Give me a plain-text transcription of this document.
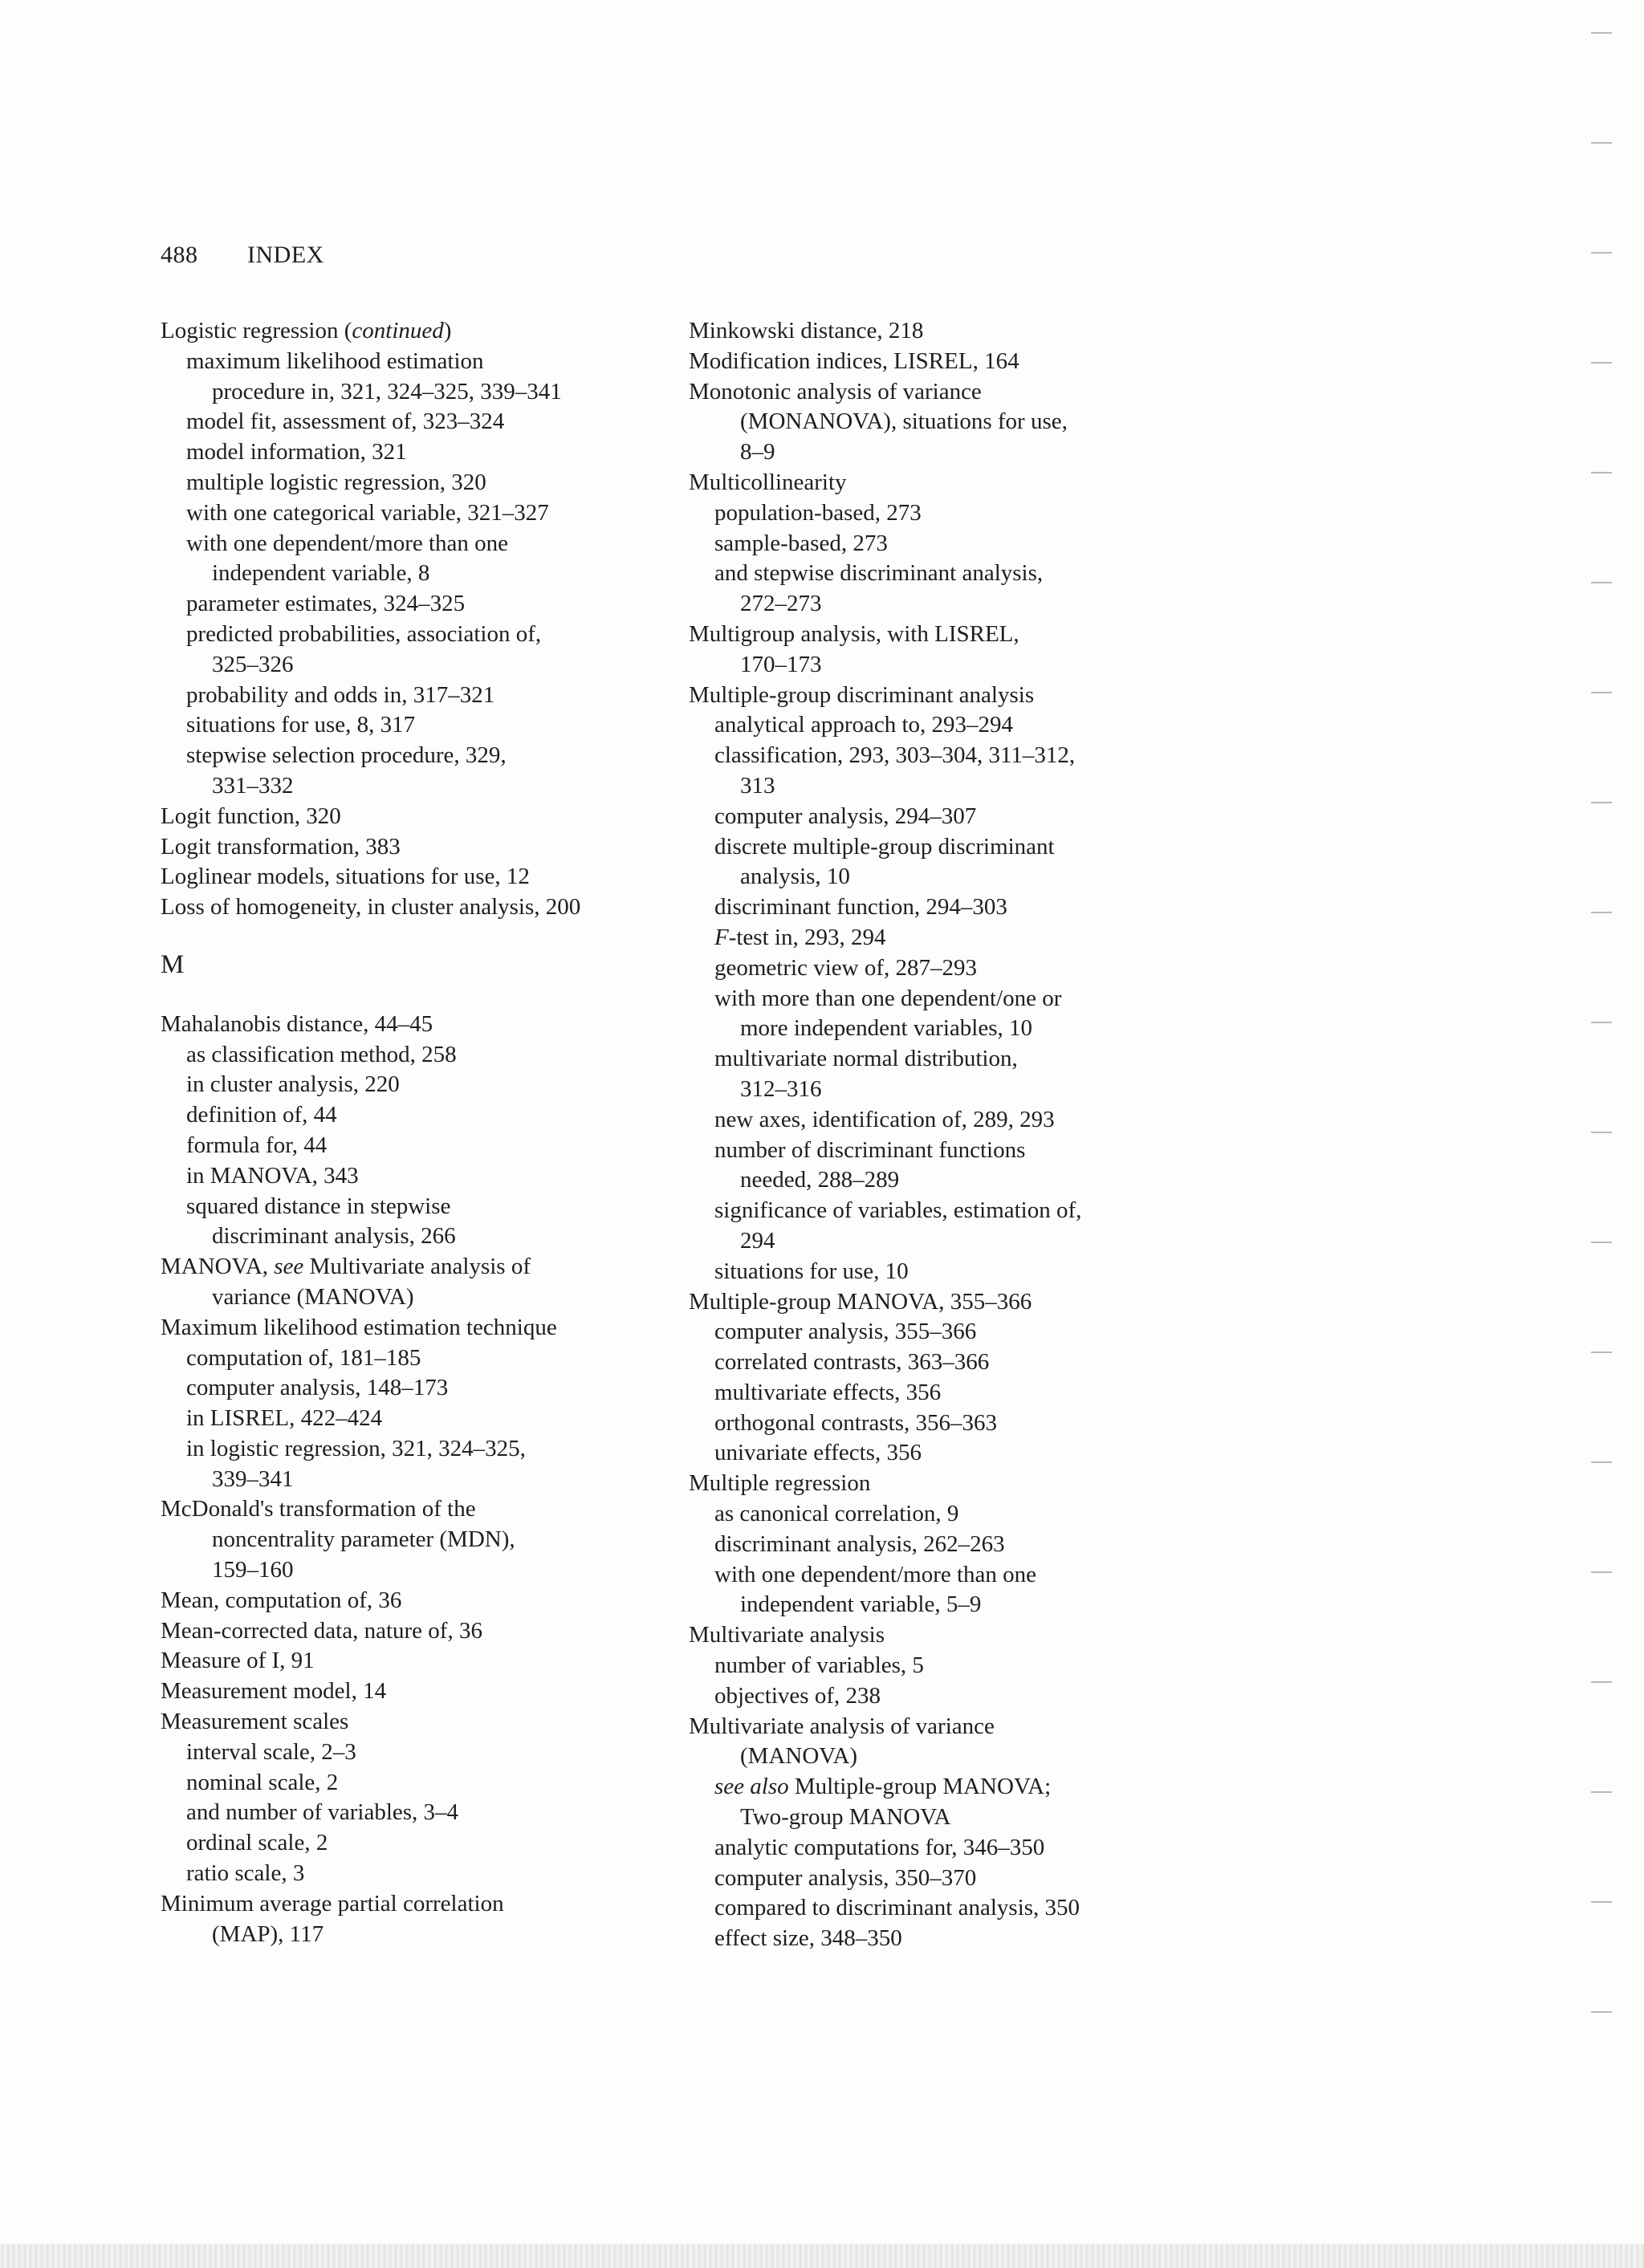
488 INDEX
Logistic regression (continued)
maximum likelihood estimation
procedure in, 321, 324–325, 339–341
model fit, assessment of, 323–324
model information, 321
multiple logistic regression, 320
with one categorical variable, 321–327
with one dependent/more than one
independent variable, 8
parameter estimates, 324–325
predicted probabilities, association of,
325–326
probability and odds in, 317–321
situations for use, 8, 317
stepwise selection procedure, 329,
331–332
Logit function, 320
Logit transformation, 383
Loglinear models, situations for use, 12
Loss of homogeneity, in cluster analysis, 200
M
Mahalanobis distance, 44–45
as classification method, 258
in cluster analysis, 220
definition of, 44
formula for, 44
in MANOVA, 343
squared distance in stepwise
discriminant analysis, 266
MANOVA, see Multivariate analysis of
variance (MANOVA)
Maximum likelihood estimation technique
computation of, 181–185
computer analysis, 148–173
in LISREL, 422–424
in logistic regression, 321, 324–325,
339–341
McDonald's transformation of the
noncentrality parameter (MDN),
159–160
Mean, computation of, 36
Mean-corrected data, nature of, 36
Measure of I, 91
Measurement model, 14
Measurement scales
interval scale, 2–3
nominal scale, 2
and number of variables, 3–4
ordinal scale, 2
ratio scale, 3
Minimum average partial correlation
(MAP), 117
Minkowski distance, 218
Modification indices, LISREL, 164
Monotonic analysis of variance
(MONANOVA), situations for use,
8–9
Multicollinearity
population-based, 273
sample-based, 273
and stepwise discriminant analysis,
272–273
Multigroup analysis, with LISREL,
170–173
Multiple-group discriminant analysis
analytical approach to, 293–294
classification, 293, 303–304, 311–312,
313
computer analysis, 294–307
discrete multiple-group discriminant
analysis, 10
discriminant function, 294–303
F-test in, 293, 294
geometric view of, 287–293
with more than one dependent/one or
more independent variables, 10
multivariate normal distribution,
312–316
new axes, identification of, 289, 293
number of discriminant functions
needed, 288–289
significance of variables, estimation of,
294
situations for use, 10
Multiple-group MANOVA, 355–366
computer analysis, 355–366
correlated contrasts, 363–366
multivariate effects, 356
orthogonal contrasts, 356–363
univariate effects, 356
Multiple regression
as canonical correlation, 9
discriminant analysis, 262–263
with one dependent/more than one
independent variable, 5–9
Multivariate analysis
number of variables, 5
objectives of, 238
Multivariate analysis of variance
(MANOVA)
see also Multiple-group MANOVA;
Two-group MANOVA
analytic computations for, 346–350
computer analysis, 350–370
compared to discriminant analysis, 350
effect size, 348–350
